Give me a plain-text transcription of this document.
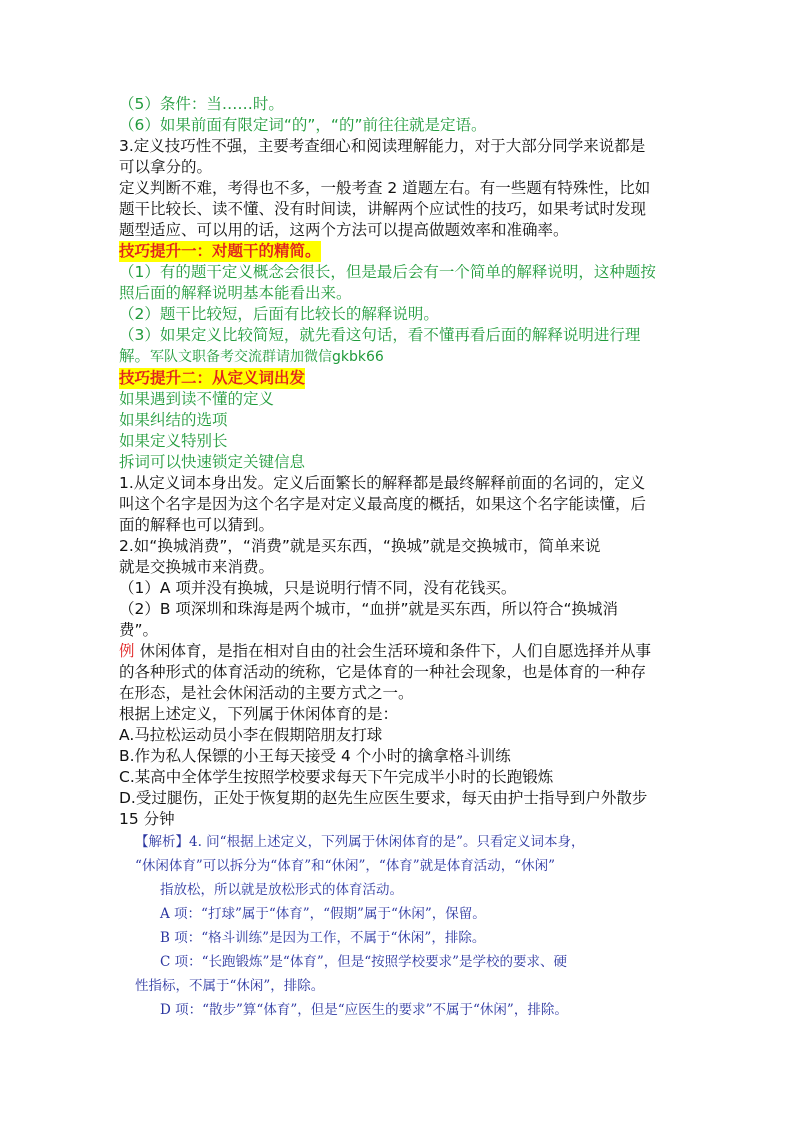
（5）条件：当……时。
（6）如果前面有限定词“的”，“的”前往往就是定语。
3.定义技巧性不强，主要考查细心和阅读理解能力，对于大部分同学来说都是
可以拿分的。
定义判断不难，考得也不多，一般考查 2 道题左右。有一些题有特殊性，比如
题干比较长、读不懂、没有时间读，讲解两个应试性的技巧，如果考试时发现
题型适应、可以用的话，这两个方法可以提高做题效率和准确率。
技巧提升一：对题干的精简。
（1）有的题干定义概念会很长，但是最后会有一个简单的解释说明，这种题按
照后面的解释说明基本能看出来。
（2）题干比较短，后面有比较长的解释说明。
（3）如果定义比较简短，就先看这句话，看不懂再看后面的解释说明进行理
解。军队文职备考交流群请加微信gkbk66
技巧提升二：从定义词出发
如果遇到读不懂的定义
如果纠结的选项
如果定义特别长
拆词可以快速锁定关键信息
1.从定义词本身出发。定义后面繁长的解释都是最终解释前面的名词的，定义
叫这个名字是因为这个名字是对定义最高度的概括，如果这个名字能读懂，后
面的解释也可以猜到。
2.如“换城消费”，“消费”就是买东西，“换城”就是交换城市，简单来说
就是交换城市来消费。
（1）A 项并没有换城，只是说明行情不同，没有花钱买。
（2）B 项深圳和珠海是两个城市，“血拼”就是买东西，所以符合“换城消
费”。
例 休闲体育，是指在相对自由的社会生活环境和条件下，人们自愿选择并从事
的各种形式的体育活动的统称，它是体育的一种社会现象，也是体育的一种存
在形态，是社会休闲活动的主要方式之一。
根据上述定义，下列属于休闲体育的是：
A.马拉松运动员小李在假期陪朋友打球
B.作为私人保镖的小王每天接受 4 个小时的擒拿格斗训练
C.某高中全体学生按照学校要求每天下午完成半小时的长跑锻炼
D.受过腿伤，正处于恢复期的赵先生应医生要求，每天由护士指导到户外散步
15 分钟
【解析】4. 问“根据上述定义，下列属于休闲体育的是”。只看定义词本身，
“休闲体育”可以拆分为“体育”和“休闲”，“体育”就是体育活动，“休闲”
指放松，所以就是放松形式的体育活动。
A 项：“打球”属于“体育”，“假期”属于“休闲”，保留。
B 项：“格斗训练”是因为工作，不属于“休闲”，排除。
C 项：“长跑锻炼”是“体育”，但是“按照学校要求”是学校的要求、硬
性指标，不属于“休闲”，排除。
D 项：“散步”算“体育”，但是“应医生的要求”不属于“休闲”，排除。
